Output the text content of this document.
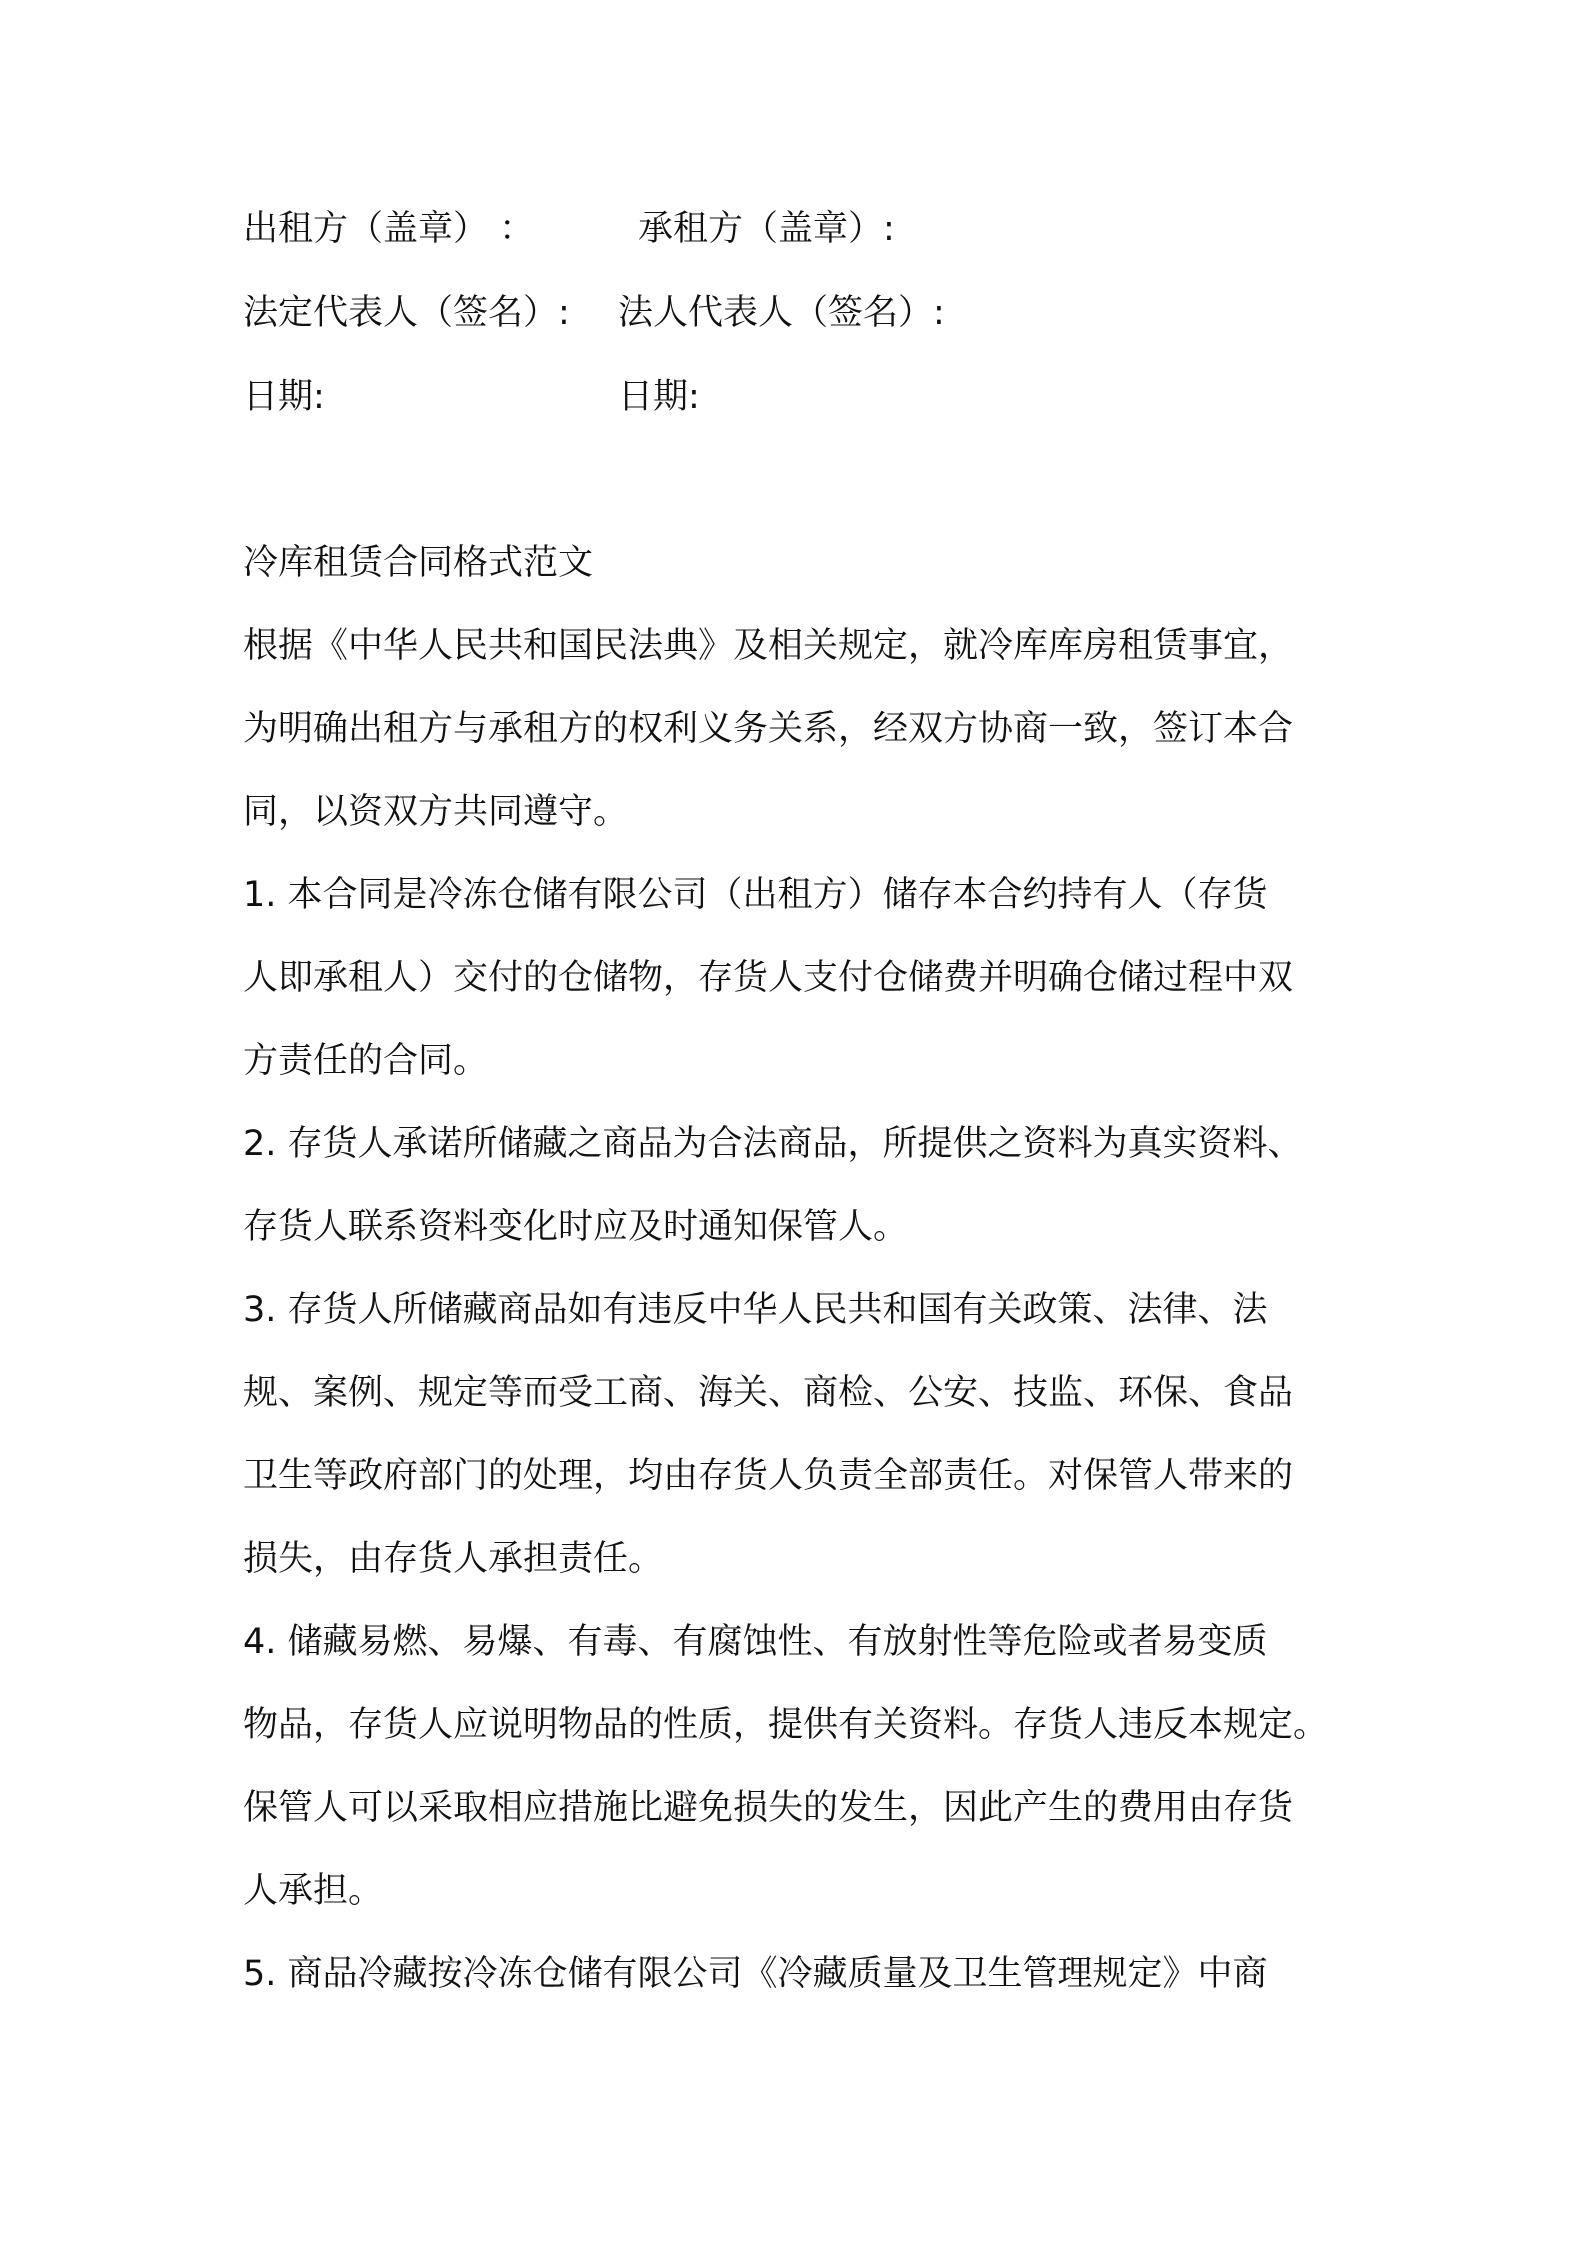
出租方（盖章） ：	承租方（盖章）:
法定代表人（签名）: 法人代表人（签名）:
日期:	日期:
冷库租赁合同格式范文
根据《中华人民共和国民法典》及相关规定，就冷库库房租赁事宜，
为明确出租方与承租方的权利义务关系，经双方协商一致，签订本合
同，以资双方共同遵守。
1. 本合同是冷冻仓储有限公司（出租方）储存本合约持有人（存货
人即承租人）交付的仓储物，存货人支付仓储费并明确仓储过程中双
方责任的合同。
2. 存货人承诺所储藏之商品为合法商品，所提供之资料为真实资料、
存货人联系资料变化时应及时通知保管人。
3. 存货人所储藏商品如有违反中华人民共和国有关政策、法律、法
规、案例、规定等而受工商、海关、商检、公安、技监、环保、食品
卫生等政府部门的处理，均由存货人负责全部责任。对保管人带来的
损失，由存货人承担责任。
4. 储藏易燃、易爆、有毒、有腐蚀性、有放射性等危险或者易变质
物品，存货人应说明物品的性质，提供有关资料。存货人违反本规定。
保管人可以采取相应措施比避免损失的发生，因此产生的费用由存货
人承担。
5. 商品冷藏按冷冻仓储有限公司《冷藏质量及卫生管理规定》中商
